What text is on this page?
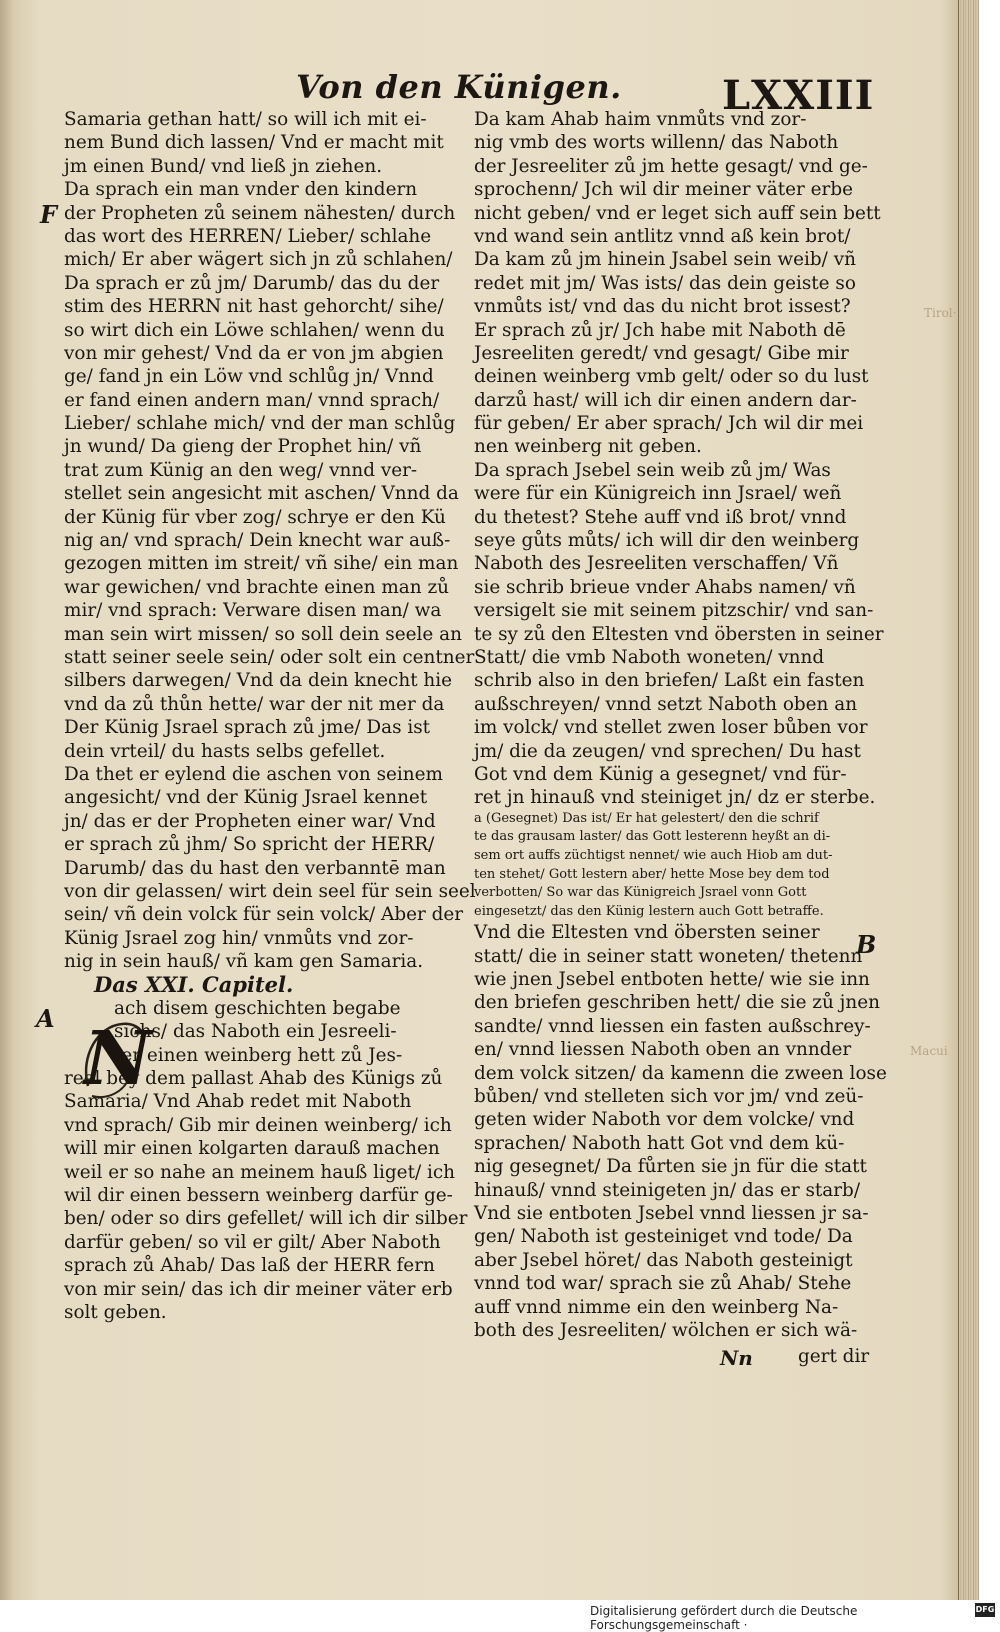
Von den Künigen.	LXXIII
Samaria gethan hatt/ so will ich mit ei-
nem Bund dich lassen/ Vnd er macht mit
jm einen Bund/ vnd ließ jn ziehen.
Da sprach ein man vnder den kindern
der Propheten zů seinem nähesten/ durch
das wort des HERREN/ Lieber/ schlahe
mich/ Er aber wägert sich jn zů schlahen/
Da sprach er zů jm/ Darumb/ das du der
stim des HERRN nit hast gehorcht/ sihe/
so wirt dich ein Löwe schlahen/ wenn du
von mir gehest/ Vnd da er von jm abgien
ge/ fand jn ein Löw vnd schlůg jn/ Vnnd
er fand einen andern man/ vnnd sprach/
Lieber/ schlahe mich/ vnd der man schlůg
jn wund/ Da gieng der Prophet hin/ vñ
trat zum Künig an den weg/ vnnd ver-
stellet sein angesicht mit aschen/ Vnnd da
der Künig für vber zog/ schrye er den Kü
nig an/ vnd sprach/ Dein knecht war auß-
gezogen mitten im streit/ vñ sihe/ ein man
war gewichen/ vnd brachte einen man zů
mir/ vnd sprach: Verware disen man/ wa
man sein wirt missen/ so soll dein seele an
statt seiner seele sein/ oder solt ein centner
silbers darwegen/ Vnd da dein knecht hie
vnd da zů thůn hette/ war der nit mer da
Der Künig Jsrael sprach zů jme/ Das ist
dein vrteil/ du hasts selbs gefellet.
Da thet er eylend die aschen von seinem
angesicht/ vnd der Künig Jsrael kennet
jn/ das er der Propheten einer war/ Vnd
er sprach zů jhm/ So spricht der HERR/
Darumb/ das du hast den verbanntē man
von dir gelassen/ wirt dein seel für sein seel
sein/ vñ dein volck für sein volck/ Aber der
Künig Jsrael zog hin/ vnmůts vnd zor-
nig in sein hauß/ vñ kam gen Samaria.
Das XXI. Capitel.
ach disem geschichten begabe
sichs/ das Naboth ein Jesreeli-
ter einen weinberg hett zů Jes-
reel bey dem pallast Ahab des Künigs zů
Samaria/ Vnd Ahab redet mit Naboth
vnd sprach/ Gib mir deinen weinberg/ ich
will mir einen kolgarten darauß machen
weil er so nahe an meinem hauß liget/ ich
wil dir einen bessern weinberg darfür ge-
ben/ oder so dirs gefellet/ will ich dir silber
darfür geben/ so vil er gilt/ Aber Naboth
sprach zů Ahab/ Das laß der HERR fern
von mir sein/ das ich dir meiner väter erb
solt geben.
Da kam Ahab haim vnmůts vnd zor-
nig vmb des worts willenn/ das Naboth
der Jesreeliter zů jm hette gesagt/ vnd ge-
sprochenn/ Jch wil dir meiner väter erbe
nicht geben/ vnd er leget sich auff sein bett
vnd wand sein antlitz vnnd aß kein brot/
Da kam zů jm hinein Jsabel sein weib/ vñ
redet mit jm/ Was ists/ das dein geiste so
vnmůts ist/ vnd das du nicht brot issest?
Er sprach zů jr/ Jch habe mit Naboth dē
Jesreeliten geredt/ vnd gesagt/ Gibe mir
deinen weinberg vmb gelt/ oder so du lust
darzů hast/ will ich dir einen andern dar-
für geben/ Er aber sprach/ Jch wil dir mei
nen weinberg nit geben.
Da sprach Jsebel sein weib zů jm/ Was
were für ein Künigreich inn Jsrael/ weñ
du thetest? Stehe auff vnd iß brot/ vnnd
seye gůts můts/ ich will dir den weinberg
Naboth des Jesreeliten verschaffen/ Vñ
sie schrib brieue vnder Ahabs namen/ vñ
versigelt sie mit seinem pitzschir/ vnd san-
te sy zů den Eltesten vnd öbersten in seiner
Statt/ die vmb Naboth woneten/ vnnd
schrib also in den briefen/ Laßt ein fasten
außschreyen/ vnnd setzt Naboth oben an
im volck/ vnd stellet zwen loser bůben vor
jm/ die da zeugen/ vnd sprechen/ Du hast
Got vnd dem Künig a gesegnet/ vnd für-
ret jn hinauß vnd steiniget jn/ dz er sterbe.
a (Gesegnet) Das ist/ Er hat gelestert/ den die schrif
te das grausam laster/ das Gott lesterenn heyßt an di-
sem ort auffs züchtigst nennet/ wie auch Hiob am dut-
ten stehet/ Gott lestern aber/ hette Mose bey dem tod
verbotten/ So war das Künigreich Jsrael vonn Gott
eingesetzt/ das den Künig lestern auch Gott betraffe.
Vnd die Eltesten vnd öbersten seiner
statt/ die in seiner statt woneten/ thetenn
wie jnen Jsebel entboten hette/ wie sie inn
den briefen geschriben hett/ die sie zů jnen
sandte/ vnnd liessen ein fasten außschrey-
en/ vnnd liessen Naboth oben an vnnder
dem volck sitzen/ da kamenn die zween lose
bůben/ vnd stelleten sich vor jm/ vnd zeü-
geten wider Naboth vor dem volcke/ vnd
sprachen/ Naboth hatt Got vnd dem kü-
nig gesegnet/ Da fůrten sie jn für die statt
hinauß/ vnnd steinigeten jn/ das er starb/
Vnd sie entboten Jsebel vnnd liessen jr sa-
gen/ Naboth ist gesteiniget vnd tode/ Da
aber Jsebel höret/ das Naboth gesteinigt
vnnd tod war/ sprach sie zů Ahab/ Stehe
auff vnnd nimme ein den weinberg Na-
both des Jesreeliten/ wölchen er sich wä-
F
A
B
Tirol·
Macui
N
Nn gert dir
Digitalisierung gefördert durch die Deutsche Forschungsgemeinschaft ·
DFG
